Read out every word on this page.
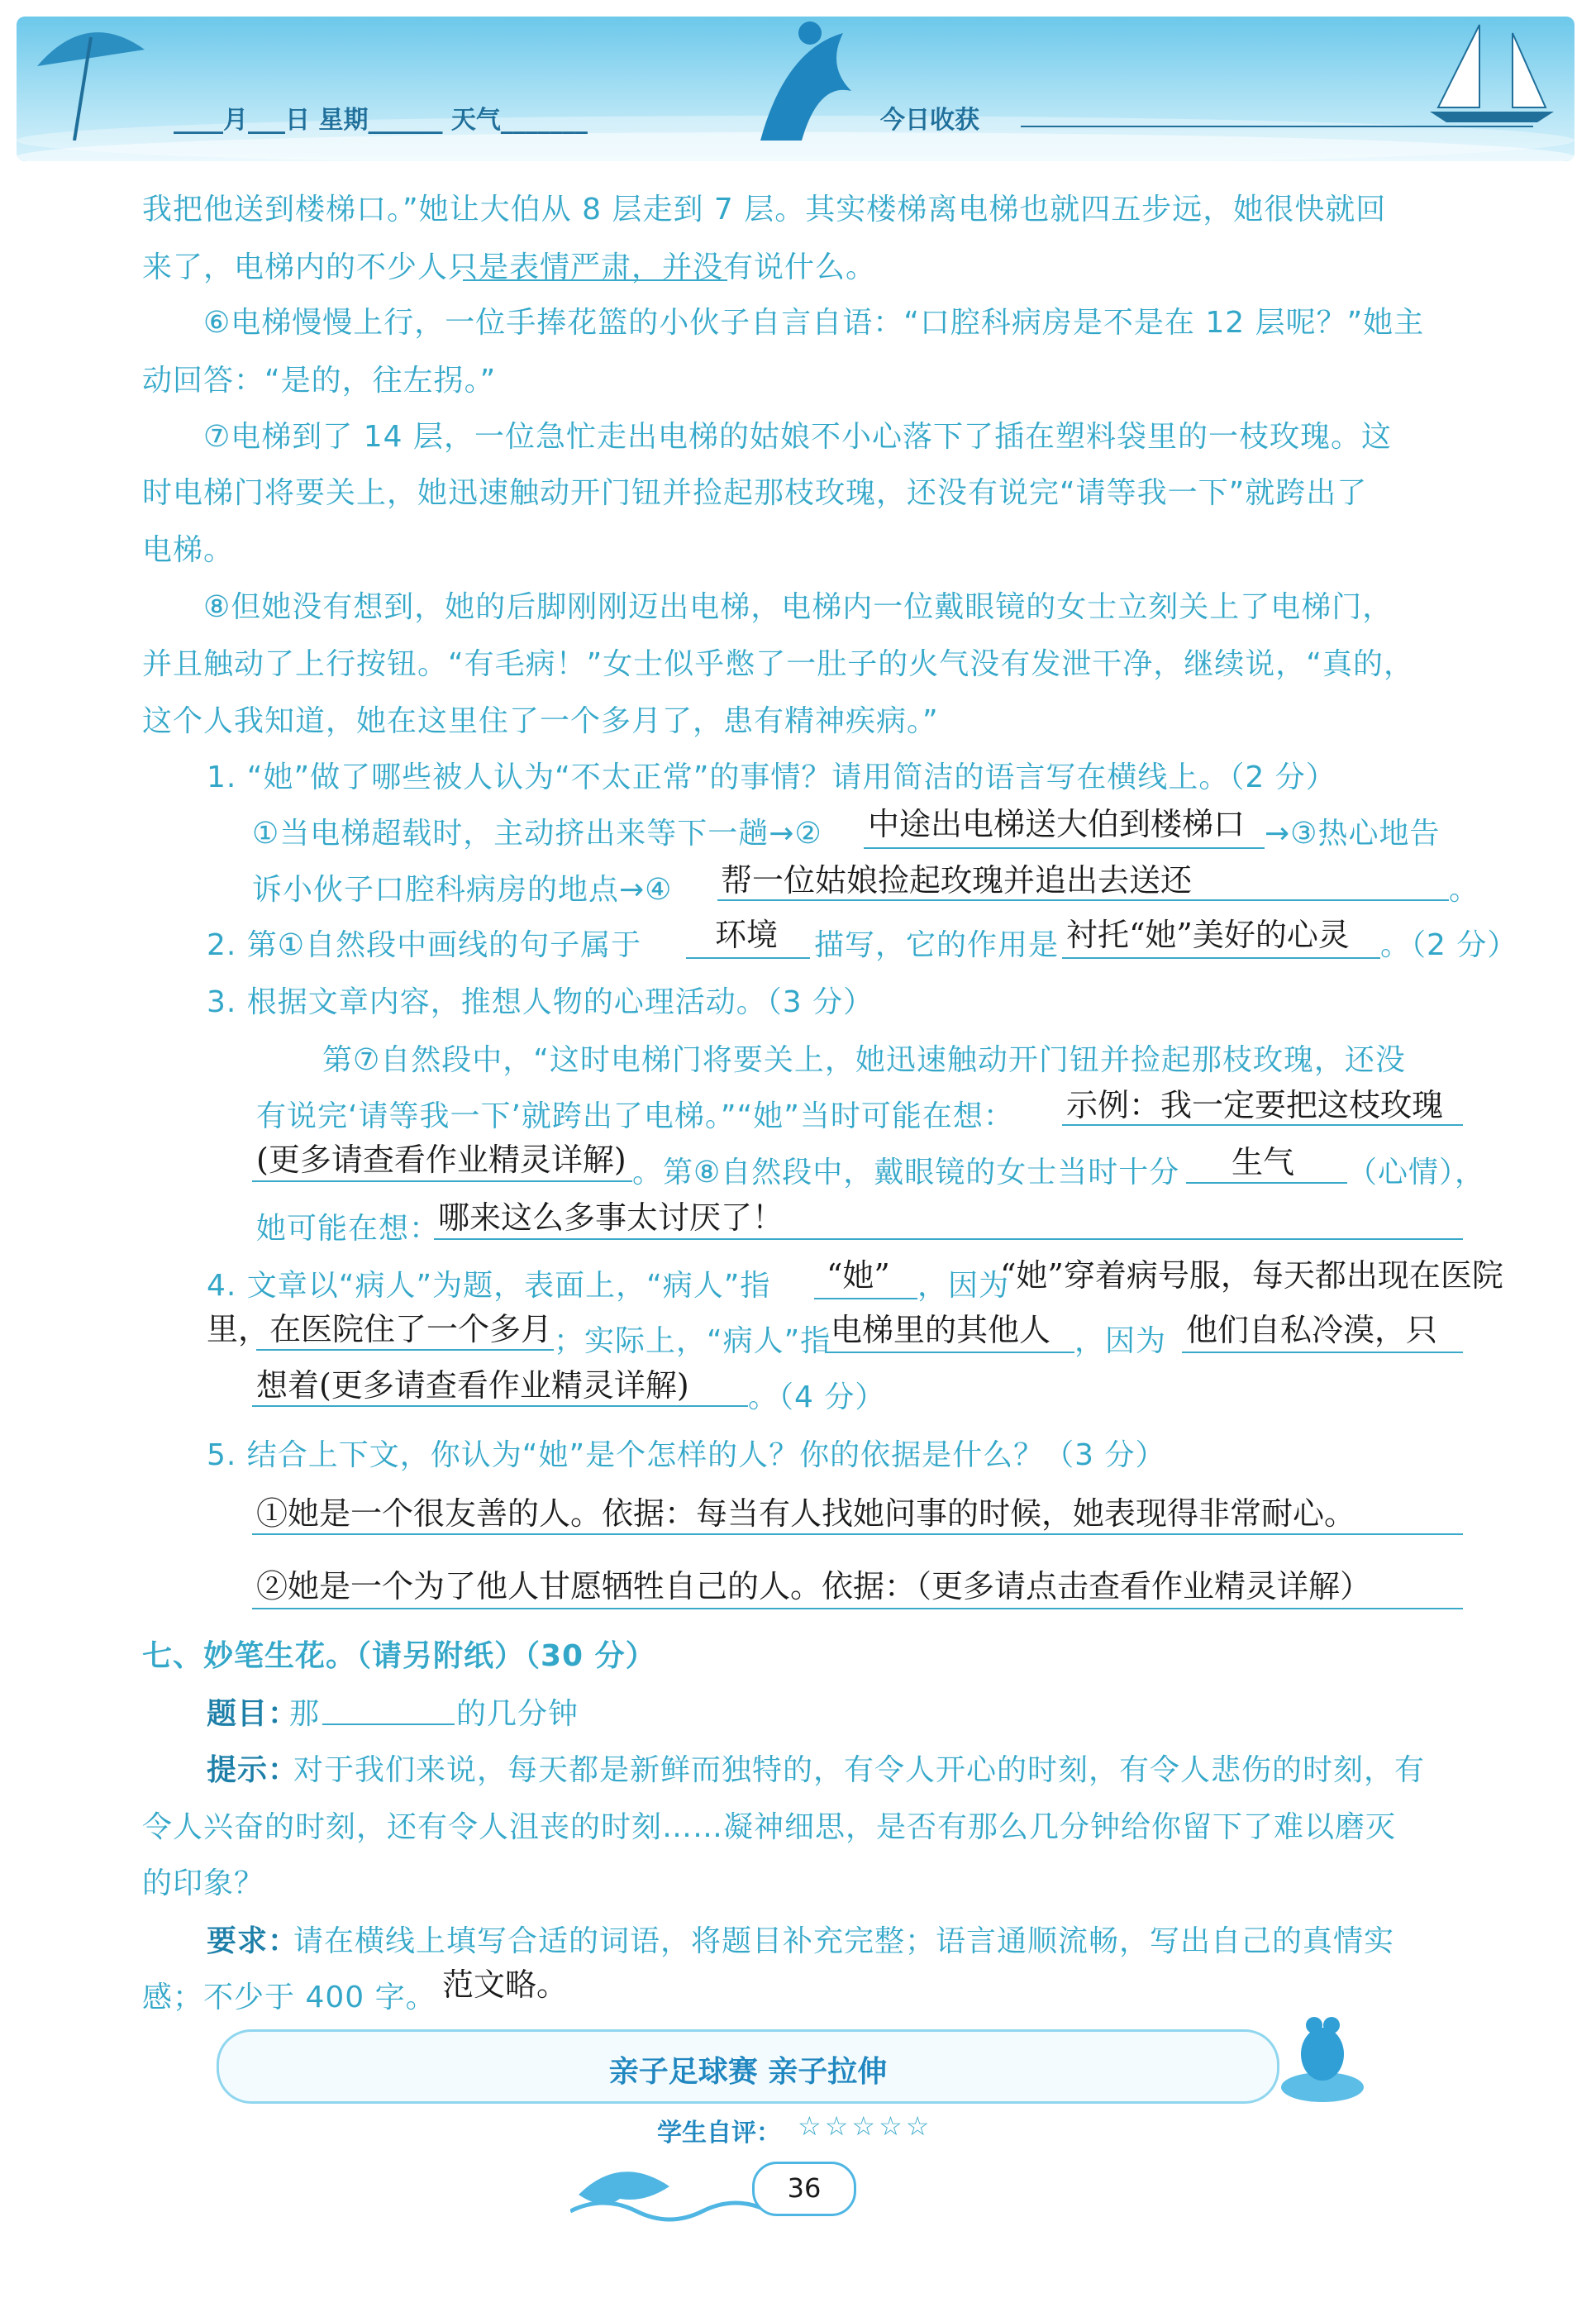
____月___日 星期______ 天气_______	今日收获
我把他送到楼梯口。”她让大伯从 8 层走到 7 层。其实楼梯离电梯也就四五步远，她很快就回
来了，电梯内的不少人只是表情严肃，并没有说什么。
⑥电梯慢慢上行，一位手捧花篮的小伙子自言自语：“口腔科病房是不是在 12 层呢？”她主
动回答：“是的，往左拐。”
⑦电梯到了 14 层，一位急忙走出电梯的姑娘不小心落下了插在塑料袋里的一枝玫瑰。这
时电梯门将要关上，她迅速触动开门钮并捡起那枝玫瑰，还没有说完“请等我一下”就跨出了
电梯。
⑧但她没有想到，她的后脚刚刚迈出电梯，电梯内一位戴眼镜的女士立刻关上了电梯门，
并且触动了上行按钮。“有毛病！”女士似乎憋了一肚子的火气没有发泄干净，继续说，“真的，
这个人我知道，她在这里住了一个多月了，患有精神疾病。”
1. “她”做了哪些被人认为“不太正常”的事情？请用简洁的语言写在横线上。（2 分）
①当电梯超载时，主动挤出来等下一趟→② 中途出电梯送大伯到楼梯口 →③热心地告
诉小伙子口腔科病房的地点→④ 帮一位姑娘捡起玫瑰并追出去送还	。
2. 第①自然段中画线的句子属于 环境 描写，它的作用是 衬托“她”美好的心灵 。（2 分）
3. 根据文章内容，推想人物的心理活动。（3 分）
第⑦自然段中，“这时电梯门将要关上，她迅速触动开门钮并捡起那枝玫瑰，还没
有说完‘请等我一下’就跨出了电梯。”“她”当时可能在想： 示例：我一定要把这枝玫瑰
(更多请查看作业精灵详解) 。第⑧自然段中，戴眼镜的女士当时十分 生气 （心情），
她可能在想：
哪来这么多事太讨厌了！
4. 文章以“病人”为题，表面上，“病人”指 “她” ，因为
“她”穿着病号服，每天都出现在医院
里，在医院住了一个多月 ；实际上，“病人”指 电梯里的其他人 ，因为 他们自私冷漠，只
想着(更多请查看作业精灵详解) 。（4 分）
5. 结合上下文，你认为“她”是个怎样的人？你的依据是什么？（3 分）
①她是一个很友善的人。依据：每当有人找她问事的时候，她表现得非常耐心。
②她是一个为了他人甘愿牺牲自己的人。依据：（更多请点击查看作业精灵详解）
七、妙笔生花。（请另附纸）（30 分）
题目：
那	的几分钟
提示：
对于我们来说，每天都是新鲜而独特的，有令人开心的时刻，有令人悲伤的时刻，有
令人兴奋的时刻，还有令人沮丧的时刻……凝神细思，是否有那么几分钟给你留下了难以磨灭
的印象？
要求：
请在横线上填写合适的词语，将题目补充完整；语言通顺流畅，写出自己的真情实
感；不少于 400 字。 范文略。
亲子足球赛 亲子拉伸
学生自评： ☆☆☆☆☆
36
